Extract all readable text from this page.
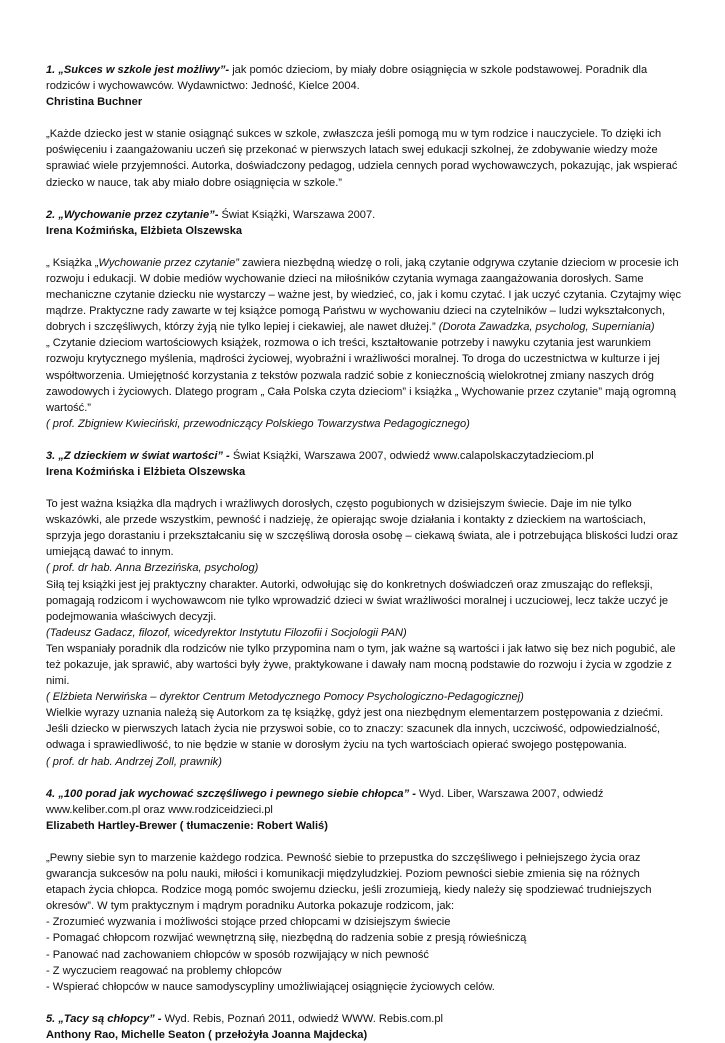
1. „Sukces w szkole jest możliwy”- jak pomóc dzieciom, by miały dobre osiągnięcia w szkole podstawowej. Poradnik dla rodziców i wychowawców. Wydawnictwo: Jedność, Kielce 2004.

Christina Buchner

„Każde dziecko jest w stanie osiągnąć sukces w szkole, zwłaszcza jeśli pomogą mu w tym rodzice i nauczyciele. To dzięki ich poświęceniu i zaangażowaniu uczeń się przekonać w pierwszych latach swej edukacji szkolnej, że zdobywanie wiedzy może sprawiać wiele przyjemności. Autorka, doświadczony pedagog, udziela cennych porad wychowawczych, pokazując, jak wspierać dziecko w nauce, tak aby miało dobre osiągnięcia w szkole.”

2. „Wychowanie przez czytanie”- Świat Książki, Warszawa 2007.

Irena Koźmińska, Elżbieta Olszewska

„ Książka „Wychowanie przez czytanie” zawiera niezbędną wiedzę o roli, jaką czytanie odgrywa czytanie dzieciom w procesie ich rozwoju i edukacji. W dobie mediów wychowanie dzieci na miłośników czytania wymaga zaangażowania dorosłych. Same mechaniczne czytanie dziecku nie wystarczy – ważne jest, by wiedzieć, co, jak i komu czytać. I jak uczyć czytania. Czytajmy więc mądrze. Praktyczne rady zawarte w tej książce pomogą Państwu w wychowaniu dzieci na czytelników – ludzi wykształconych, dobrych i szczęśliwych, którzy żyją nie tylko lepiej i ciekawiej, ale nawet dłużej.” (Dorota Zawadzka, psycholog, Superniania)

„ Czytanie dzieciom wartościowych książek, rozmowa o ich treści, kształtowanie potrzeby i nawyku czytania jest warunkiem rozwoju krytycznego myślenia, mądrości życiowej, wyobraźni i wrażliwości moralnej. To droga do uczestnictwa w kulturze i jej współtworzenia. Umiejętność korzystania z tekstów pozwala radzić sobie z koniecznością wielokrotnej zmiany naszych dróg zawodowych i życiowych. Dlatego program „ Cała Polska czyta dzieciom” i książka „ Wychowanie przez czytanie” mają ogromną wartość.”

( prof. Zbigniew Kwieciński, przewodniczący Polskiego Towarzystwa Pedagogicznego)

3. „Z dzieckiem w świat wartości” - Świat Książki, Warszawa 2007, odwiedź www.calapolskaczytadzieciom.pl

Irena Koźmińska i Elżbieta Olszewska

To jest ważna książka dla mądrych i wrażliwych dorosłych, często pogubionych w dzisiejszym świecie. Daje im nie tylko wskazówki, ale przede wszystkim, pewność i nadzieję, że opierając swoje działania i kontakty z dzieckiem na wartościach, sprzyja jego dorastaniu i przekształcaniu się w szczęśliwą dorosła osobę – ciekawą świata, ale i potrzebująca bliskości ludzi oraz umiejącą dawać to innym.

( prof. dr hab. Anna Brzezińska, psycholog)

Siłą tej książki jest jej praktyczny charakter. Autorki, odwołując się do konkretnych doświadczeń oraz zmuszając do refleksji, pomagają rodzicom i wychowawcom nie tylko wprowadzić dzieci w świat wrażliwości moralnej i uczuciowej, lecz także uczyć je podejmowania właściwych decyzji.

(Tadeusz Gadacz, filozof, wicedyrektor Instytutu Filozofii i Socjologii PAN)

Ten wspaniały poradnik dla rodziców nie tylko przypomina nam o tym, jak ważne są wartości i jak łatwo się bez nich pogubić, ale też pokazuje, jak sprawić, aby wartości były żywe, praktykowane i dawały nam mocną podstawie do rozwoju i życia w zgodzie z nimi.

( Elżbieta Nerwińska – dyrektor Centrum Metodycznego Pomocy Psychologiczno-Pedagogicznej)

Wielkie wyrazy uznania należą się Autorkom za tę książkę, gdyż jest ona niezbędnym elementarzem postępowania z dziećmi. Jeśli dziecko w pierwszych latach życia nie przyswoi sobie, co to znaczy: szacunek dla innych, uczciwość, odpowiedzialność, odwaga i sprawiedliwość, to nie będzie w stanie w dorosłym życiu na tych wartościach opierać swojego postępowania.

( prof. dr hab. Andrzej Zoll, prawnik)

4. „100 porad jak wychować szczęśliwego i pewnego siebie chłopca” - Wyd. Liber, Warszawa 2007, odwiedź www.keliber.com.pl oraz www.rodziceidzieci.pl

Elizabeth Hartley-Brewer ( tłumaczenie: Robert Waliś)

„Pewny siebie syn to marzenie każdego rodzica. Pewność siebie to przepustka do szczęśliwego i pełniejszego życia oraz gwarancja sukcesów na polu nauki, miłości i komunikacji międzyludzkiej. Poziom pewności siebie zmienia się na różnych etapach życia chłopca. Rodzice mogą pomóc swojemu dziecku, jeśli zrozumieją, kiedy należy się spodziewać trudniejszych okresów”. W tym praktycznym i mądrym poradniku Autorka pokazuje rodzicom, jak:

- Zrozumieć wyzwania i możliwości stojące przed chłopcami w dzisiejszym świecie
- Pomagać chłopcom rozwijać wewnętrzną siłę, niezbędną do radzenia sobie z presją rówieśniczą
- Panować nad zachowaniem chłopców w sposób rozwijający w nich pewność
- Z wyczuciem reagować na problemy chłopców
- Wspierać chłopców w nauce samodyscypliny umożliwiającej osiągnięcie życiowych celów.

5. „Tacy są chłopcy” - Wyd. Rebis, Poznań 2011, odwiedź WWW. Rebis.com.pl

Anthony Rao, Michelle Seaton ( przełożyła Joanna Majdecka)
